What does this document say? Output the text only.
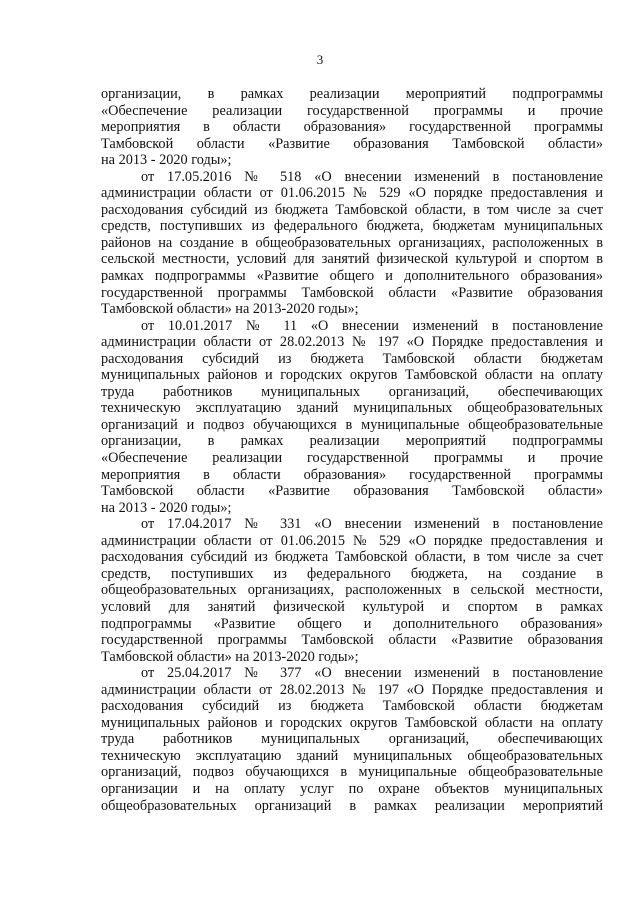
3
организации, в рамках реализации мероприятий подпрограммы
«Обеспечение реализации государственной программы и прочие
мероприятия в области образования» государственной программы
Тамбовской области «Развитие образования Тамбовской области»
на 2013 - 2020 годы»;
от 17.05.2016 № 518 «О внесении изменений в постановление
администрации области от 01.06.2015 № 529 «О порядке предоставления и
расходования субсидий из бюджета Тамбовской области, в том числе за счет
средств, поступивших из федерального бюджета, бюджетам муниципальных
районов на создание в общеобразовательных организациях, расположенных в
сельской местности, условий для занятий физической культурой и спортом в
рамках подпрограммы «Развитие общего и дополнительного образования»
государственной программы Тамбовской области «Развитие образования
Тамбовской области» на 2013-2020 годы»;
от 10.01.2017 № 11 «О внесении изменений в постановление
администрации области от 28.02.2013 № 197 «О Порядке предоставления и
расходования субсидий из бюджета Тамбовской области бюджетам
муниципальных районов и городских округов Тамбовской области на оплату
труда работников муниципальных организаций, обеспечивающих
техническую эксплуатацию зданий муниципальных общеобразовательных
организаций и подвоз обучающихся в муниципальные общеобразовательные
организации, в рамках реализации мероприятий подпрограммы
«Обеспечение реализации государственной программы и прочие
мероприятия в области образования» государственной программы
Тамбовской области «Развитие образования Тамбовской области»
на 2013 - 2020 годы»;
от 17.04.2017 № 331 «О внесении изменений в постановление
администрации области от 01.06.2015 № 529 «О порядке предоставления и
расходования субсидий из бюджета Тамбовской области, в том числе за счет
средств, поступивших из федерального бюджета, на создание в
общеобразовательных организациях, расположенных в сельской местности,
условий для занятий физической культурой и спортом в рамках
подпрограммы «Развитие общего и дополнительного образования»
государственной программы Тамбовской области «Развитие образования
Тамбовской области» на 2013-2020 годы»;
от 25.04.2017 № 377 «О внесении изменений в постановление
администрации области от 28.02.2013 № 197 «О Порядке предоставления и
расходования субсидий из бюджета Тамбовской области бюджетам
муниципальных районов и городских округов Тамбовской области на оплату
труда работников муниципальных организаций, обеспечивающих
техническую эксплуатацию зданий муниципальных общеобразовательных
организаций, подвоз обучающихся в муниципальные общеобразовательные
организации и на оплату услуг по охране объектов муниципальных
общеобразовательных организаций в рамках реализации мероприятий
